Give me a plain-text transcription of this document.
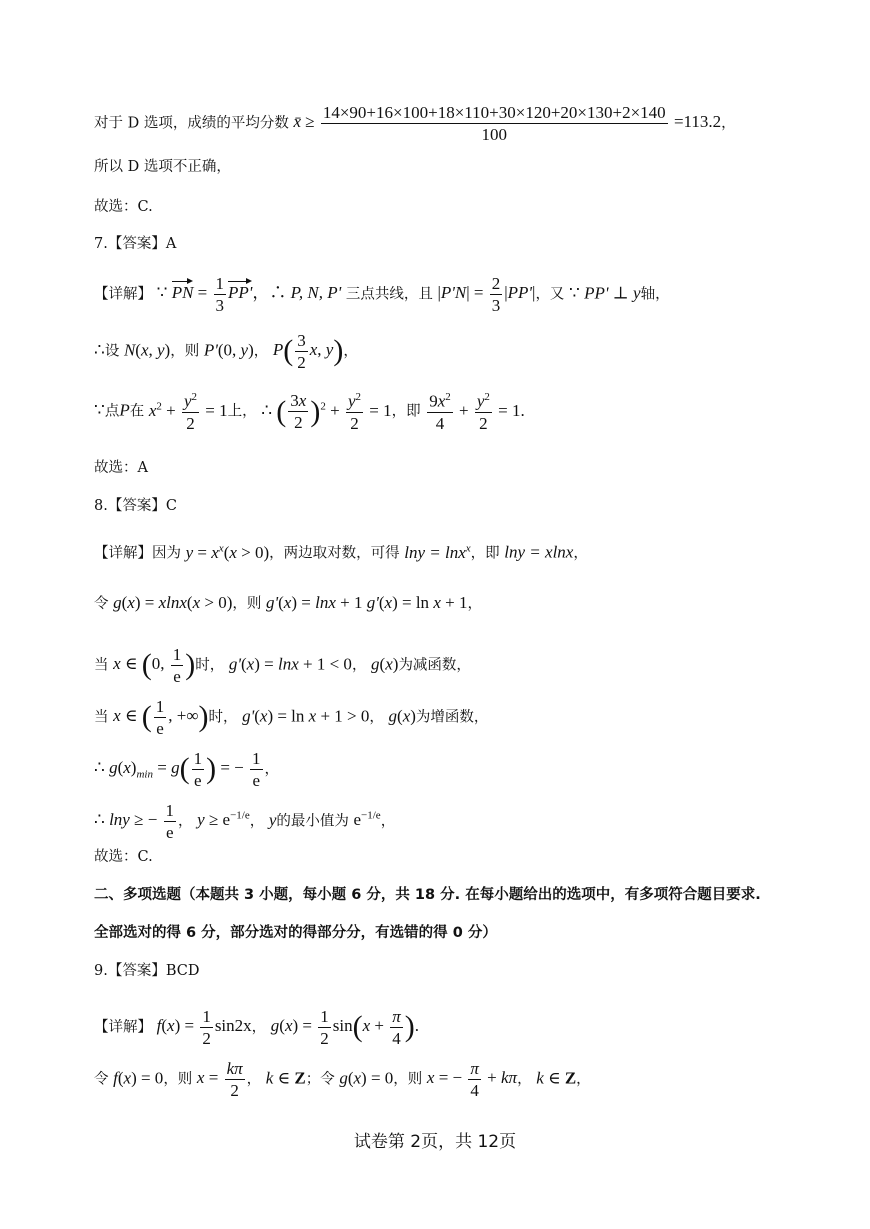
对于 D 选项，成绩的平均分数 x̄ ≥ $\frac{14\times 90+16\times 100+18\times 110+30\times 120+20\times 130+2\times 140}{100} =113.2$，
所以 D 选项不正确，
故选：C.
7.【答案】A
【详解】 ∵ PN = $\frac{1}{3} PP'$，∴ P, N, P' 三点共线，且 $|P'N| = \frac{2}{3} |PP'|$，又 ∵ PP' ⊥ y轴，
∴设 N(x, y)，则 P'(0, y)， $P( \frac{3}{2} x$, y)，
∵点P在 $x^2 + \frac{y^2}{2} = 1$上， ∴ ( $\frac{3x}{2} )^2 + \frac{y^2}{2} = 1$，即 $\frac{9x^2}{4} + \frac{y^2}{2} = 1$.
故选：A
8.【答案】C
【详解】因为 $y = x^x(x > 0)$，两边取对数，可得 lny = lnx$^x$，即 lny = xlnx，
令 g(x) = xlnx(x > 0)，则 g'(x) = lnx + 1 g'(x) = ln x + 1，
当 x ∈ (0, $\frac{1}{e}$ )时， g'(x) = lnx + 1 < 0， g(x)为减函数，
当 x ∈ ( $\frac{1}{e}$ , +∞)时， g'(x) = ln x + 1 > 0， g(x)为增函数，
∴ $g(x)_{min} = g( \frac{1}{e}$ ) = − $\frac{1}{e}$ ，
∴ lny ≥ − $\frac{1}{e}$ ， $y \ge e^{-1/e}$， y的最小值为 $e^{-1/e}$，
故选：C.
二、多项选题（本题共 3 小题，每小题 6 分，共 18 分. 在每小题给出的选项中，有多项符合题目要求.
全部选对的得 6 分，部分选对的得部分分，有选错的得 0 分）
9.【答案】BCD
【详解】 $f(x) = \frac{1}{2} \sin 2x$， $g(x) = \frac{1}{2} \sin(x + \frac{\pi}{4}$ ).
令 f(x) = 0，则 $x = \frac{k\pi}{2}$ ， k ∈ Z；令 g(x) = 0，则 x = − $\frac{\pi}{4} + k\pi$， k ∈ Z，
试卷第 2页，共 12页
